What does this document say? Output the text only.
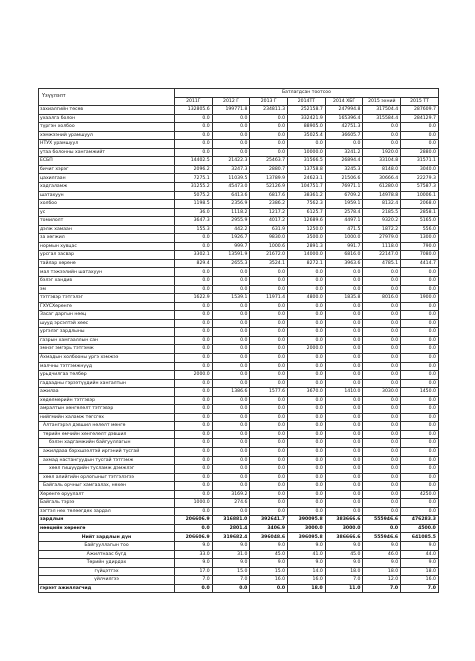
Үзүүлэлт	Батлагдсан тоотсоо						
	2011Г	2012 Г	2013 Г	2014ТТ	2014 ХБГ	2015 эхний	2015 ТТ
захиалгийн төсөв	132805.6	199771.8	234811.3	252158.7	247994.8	317504.4	287609.7
ухаалга болон	0.0	0.0	0.0	332421.9	165396.4	315584.4	284129.7
түргэн холбоо	0.0	0.0	0.0	88905.0	42751.3	0.0	0.0
хэмжээний урамшуул	0.0	0.0	0.0	35025.4	36605.7	0.0	0.0
НТУХ урамшуул	0.0	0.0	0.0	0.0	0.0	0.0	0.0
утаа болонны хангамжийт	0.0	0.0	0.0	10000.0	3241.2	1920.0	2880.0
ЕСБП	14402.5	21422.3	25463.7	31566.5	26894.4	33104.8	31571.1
бичиг хэрэг	2096.2	3247.3	2880.7	13758.8	3245.3	8148.0	3040.0
цахилгаан	7275.1	11039.5	13789.9	24623.1	21506.6	30666.4	22279.3
хадгаламж	31255.2	45473.0	52126.9	104751.7	76971.1	61280.0	57587.3
шатахуун	5075.2	6413.6	6817.6	38361.2	6709.2	14978.8	10006.1
холбоо	1198.5	2356.9	2386.2	7562.3	1959.1	8132.4	2068.0
ус	36.0	1118.2	1217.2	6125.7	2578.4	2185.5	2858.1
томилолт	3647.3	2955.9	4017.2	12689.6	4497.1	9320.2	5165.0
дэлж хамаан	155.3	442.2	631.9	1250.0	471.5	1872.2	556.0
за хөгжил	0.0	1926.7	9830.0	3500.0	1000.0	27979.0	1300.0
нормын хувцас	0.0	999.7	1000.6	2891.3	991.7	1118.0	790.0
урсгал засвар	3302.1	13591.9	21672.0	14000.0	6816.0	22147.0	7080.0
тайлар хөрөнө	829.4	2655.3	3524.1	8272.1	3963.6	4785.1	4414.7
мал тэжээлийн шатахуун	0.0	0.0	0.0	0.0	0.0	0.0	0.0
бэлэг хандив	0.0	0.0	0.0	0.0	0.0	0.0	0.0
эм	0.0	0.0	0.0	0.0	0.0	0.0	0.0
тэтгэвэр тэтгэлэг	1622.9	1539.1	11971.4	4800.0	1835.8	8016.0	1900.0
ГХУСХөрөнгө	0.0	0.0	0.0	0.0	0.0	0.0	0.0
Засаг даргын нөөц	0.0	0.0	0.0	0.0	0.0	0.0	0.0
шууд эрсэлтэй хөөс	0.0	0.0	0.0	0.0	0.0	0.0	0.0
ургэлэг зардлыны	0.0	0.0	0.0	0.0	0.0	0.0	0.0
газрын хамгааллын сан	0.0	0.0	0.0	0.0	0.0	0.0	0.0
эмнэг эмгэрь тэтгэмж	0.0	0.0	0.0	2000.0	0.0	0.0	0.0
Ахмадын холбооны ургэ хэмжээ	0.0	0.0	0.0	0.0	0.0	0.0	0.0
малчны тэтгэмжнүүд	0.0	0.0	0.0	0.0	0.0	0.0	0.0
урьдчилгаа төлбөр	2000.0	0.0	0.0	0.0	0.0	0.0	0.0
гадаадны гэрээтүүдийн хангалтын	0.0	0.0	0.0	0.0	0.0	0.0	0.0
ажилаа	0.0	1386.6	1577.6	3670.0	1410.0	3030.0	1450.0
хөдөлмөрийн тэтгэвэр	0.0	0.0	0.0	0.0	0.0	0.0	0.0
амралтын хөнгөлөлт тэтгэвэр	0.0	0.0	0.0	0.0	0.0	0.0	0.0
нийгмийн халамж төгсгөх	0.0	0.0	0.0	0.0	0.0	0.0	0.0
Алтангэрэл дэвшил нөлөлт мөнгө	0.0	0.0	0.0	0.0	0.0	0.0	0.0
төрийн өмчийн хөнгөлөлт дэвшил	0.0	0.0	0.0	0.0	0.0	0.0	0.0
бэлэн хадгамжийн байгууллагын	0.0	0.0	0.0	0.0	0.0	0.0	0.0
ажилдааа бэрхшээлтэй иргэний тусгай	0.0	0.0	0.0	0.0	0.0	0.0	0.0
ахмад настангуудын тусгай тэтгэмж	0.0	0.0	0.0	0.0	0.0	0.0	0.0
хөөл гишүүдийн тусламж дэмжлэг	0.0	0.0	0.0	0.0	0.0	0.0	0.0
хөөл алийгийн орлогыныг тэтгэлэгээ	0.0	0.0	0.0	0.0	0.0	0.0	0.0
Байгаль орчныг хамгаалах, нөхөн	0.0	0.0	0.0	0.0	0.0	0.0	0.0
Хөрөнгө оруулалт	0.0	3169.2	0.0	0.0	0.0	0.0	4250.0
Байгаль тэрээ	1000.0	274.6	0.0	0.0	0.0	0.0	0.0
зэгтэл нөх төлөөгдөх зардал	0.0	0.0	0.0	0.0	0.0	0.0	0.0
зардлын	206606.9	316881.0	392641.7	390095.8	383666.6	555946.6	476283.3
нөөцийн хөрөнгө	0.0	2801.4	3406.9	3000.0	3000.0	0.0	4500.0
Нийт зардлын дүн	206606.9	319682.4	396048.6	396095.8	386666.6	555946.6	641085.5
Байгууллагын тоо	9.0	9.0	9.0	9.0	9.0	9.0	9.0
Ажилтнаас бүгд	33.0	31.0	45.0	41.0	45.0	46.0	44.0
Төрийн удирдах	9.0	9.0	9.0	9.0	9.0	9.0	9.0
гүйцэтгэх	17.0	15.0	15.0	14.0	18.0	18.0	18.0
үйлчилгээ	7.0	7.0	16.0	16.0	7.0	12.0	16.0
гэрээт ажиллагчид	0.0	0.0	0.0	18.0	11.0	7.0	7.0
